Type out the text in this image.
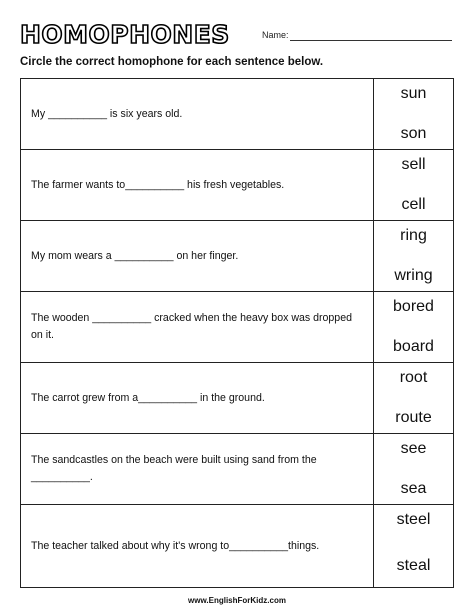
HOMOPHONES	Name:
Circle the correct homophone for each sentence below.
My __________ is six years old.
sun
son
The farmer wants to__________ his fresh vegetables.
sell
cell
My mom wears a __________ on her finger.
ring
wring
The wooden __________ cracked when the heavy box was dropped on it.
bored
board
The carrot grew from a__________ in the ground.
root
route
The sandcastles on the beach were built using sand from the __________.
see
sea
The teacher talked about why it's wrong to__________things.
steel
steal
www.EnglishForKidz.com
